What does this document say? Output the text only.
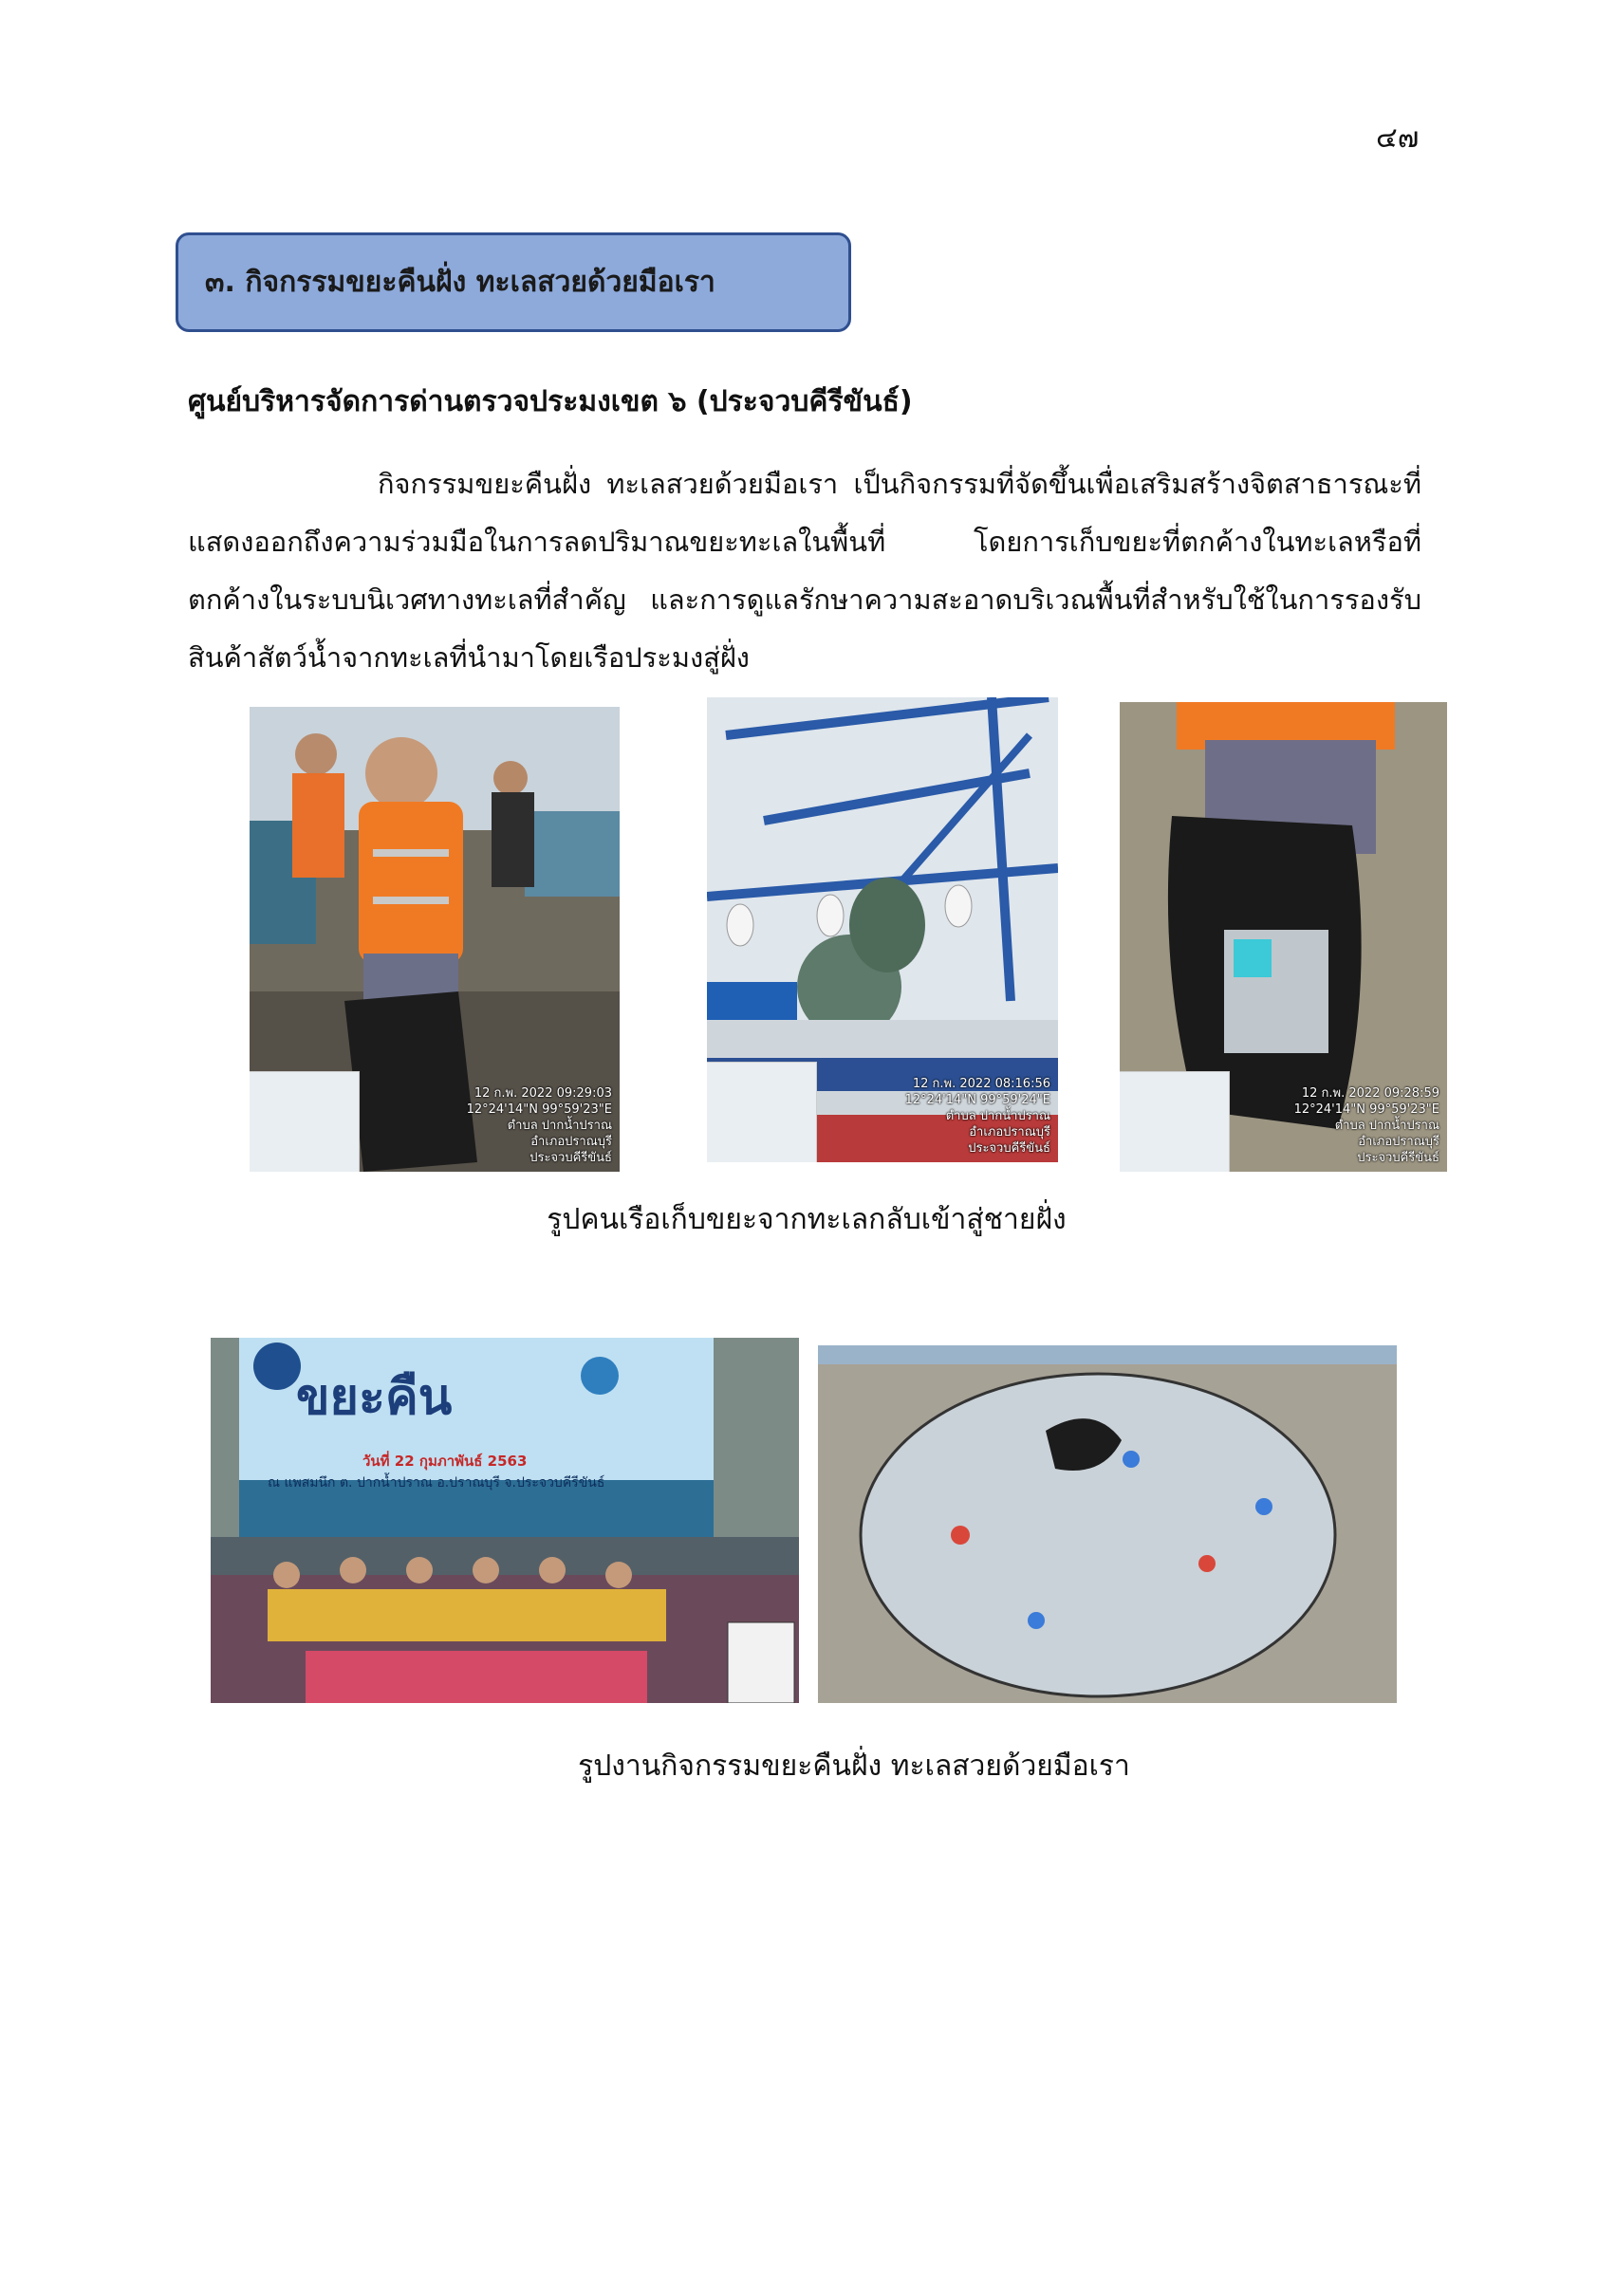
๔๗
๓. กิจกรรมขยะคืนฝั่ง ทะเลสวยด้วยมือเรา
ศูนย์บริหารจัดการด่านตรวจประมงเขต ๖ (ประจวบคีรีขันธ์)
กิจกรรมขยะคืนฝั่ง ทะเลสวยด้วยมือเรา เป็นกิจกรรมที่จัดขึ้นเพื่อเสริมสร้างจิตสาธารณะที่แสดงออกถึงความร่วมมือในการลดปริมาณขยะทะเลในพื้นที่ โดยการเก็บขยะที่ตกค้างในทะเลหรือที่ตกค้างในระบบนิเวศทางทะเลที่สำคัญ และการดูแลรักษาความสะอาดบริเวณพื้นที่สำหรับใช้ในการรองรับสินค้าสัตว์น้ำจากทะเลที่นำมาโดยเรือประมงสู่ฝั่ง
12 ก.พ. 2022 09:29:03
12°24'14"N 99°59'23"E
ตำบล ปากน้ำปราณ
อำเภอปราณบุรี
ประจวบคีรีขันธ์
12 ก.พ. 2022 08:16:56
12°24'14"N 99°59'24"E
ตำบล ปากน้ำปราณ
อำเภอปราณบุรี
ประจวบคีรีขันธ์
12 ก.พ. 2022 09:28:59
12°24'14"N 99°59'23"E
ตำบล ปากน้ำปราณ
อำเภอปราณบุรี
ประจวบคีรีขันธ์
รูปคนเรือเก็บขยะจากทะเลกลับเข้าสู่ชายฝั่ง
ขยะคืน
วันที่ 22 กุมภาพันธ์ 2563
ณ แพสมนึก ต. ปากน้ำปราณ อ.ปราณบุรี จ.ประจวบคีรีขันธ์
รูปงานกิจกรรมขยะคืนฝั่ง ทะเลสวยด้วยมือเรา
